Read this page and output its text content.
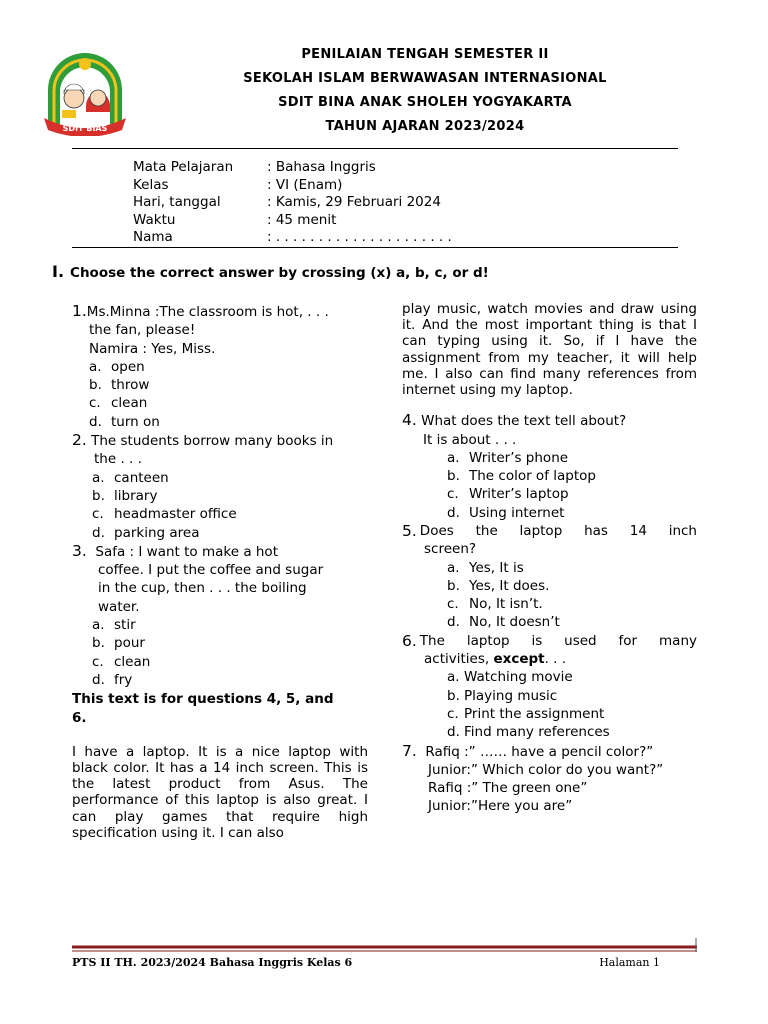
SDIT BIAS
PENILAIAN TENGAH SEMESTER II
SEKOLAH ISLAM BERWAWASAN INTERNASIONAL
SDIT BINA ANAK SHOLEH YOGYAKARTA
TAHUN AJARAN 2023/2024
Mata Pelajaran	: Bahasa Inggris
Kelas	: VI (Enam)
Hari, tanggal	: Kamis, 29 Februari 2024
Waktu	: 45 menit
Nama	: . . . . . . . . . . . . . . . . . . . . .
I. Choose the correct answer by crossing (x) a, b, c, or d!
1.Ms.Minna :The classroom is hot, . . .
the fan, please!
Namira : Yes, Miss.
a. open
b. throw
c. clean
d. turn on
2. The students borrow many books in
the . . .
a. canteen
b. library
c. headmaster office
d. parking area
3. Safa : I want to make a hot
coffee. I put the coffee and sugar
in the cup, then . . . the boiling
water.
a. stir
b. pour
c. clean
d. fry
This text is for questions 4, 5, and
6.
I have a laptop. It is a nice laptop with black color. It has a 14 inch screen. This is the latest product from Asus. The performance of this laptop is also great. I can play games that require high specification using it. I can also
play music, watch movies and draw using it. And the most important thing is that I can typing using it. So, if I have the assignment from my teacher, it will help me. I also can find many references from internet using my laptop.
4. What does the text tell about?
It is about . . .
a. Writer’s phone
b. The color of laptop
c. Writer’s laptop
d. Using internet
5. Does the laptop has 14 inch
screen?
a. Yes, It is
b. Yes, It does.
c. No, It isn’t.
d. No, It doesn’t
6. The laptop is used for many
activities, except. . .
a. Watching movie
b. Playing music
c. Print the assignment
d. Find many references
7. Rafiq :” …… have a pencil color?”
Junior:” Which color do you want?”
Rafiq :” The green one”
Junior:”Here you are”
PTS II TH. 2023/2024 Bahasa Inggris Kelas 6	Halaman 1
